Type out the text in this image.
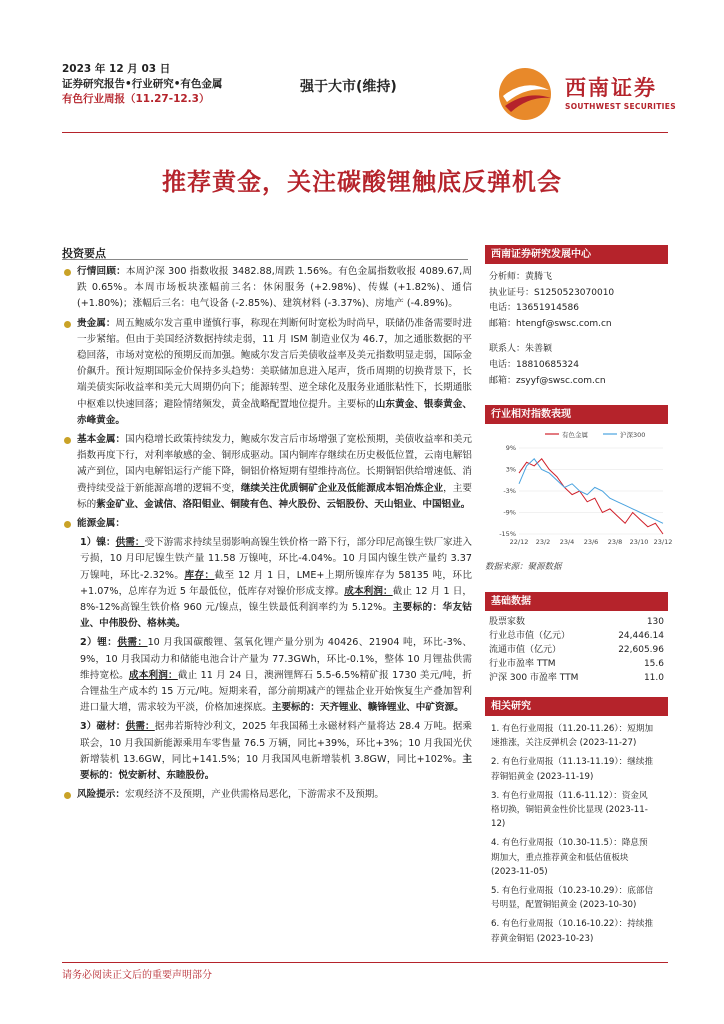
2023 年 12 月 03 日
证券研究报告•行业研究•有色金属
有色行业周报（11.27-12.3）
强于大市(维持)	西南证券
SOUTHWEST SECURITIES
推荐黄金，关注碳酸锂触底反弹机会
投资要点

行情回顾：本周沪深 300 指数收报 3482.88,周跌 1.56%。有色金属指数收报 4089.67,周跌 0.65%。本周市场板块涨幅前三名：休闲服务 (+2.98%)、传媒 (+1.82%)、通信 (+1.80%)；涨幅后三名：电气设备 (-2.85%)、建筑材料 (-3.37%)、房地产 (-4.89%)。

贵金属：周五鲍威尔发言重申谨慎行事，称现在判断何时宽松为时尚早，联储仍准备需要时进一步紧缩。但由于美国经济数据持续走弱，11 月 ISM 制造业仅为 46.7，加之通胀数据的平稳回落，市场对宽松的预期反而加强。鲍威尔发言后美债收益率及美元指数明显走弱，国际金价飙升。预计短期国际金价保持多头趋势：美联储加息进入尾声，货币周期的切换背景下，长端美债实际收益率和美元大周期仍向下；能源转型、逆全球化及服务业通胀粘性下，长期通胀中枢难以快速回落；避险情绪频发，黄金战略配置地位提升。主要标的山东黄金、银泰黄金、赤峰黄金。

基本金属：国内稳增长政策持续发力，鲍威尔发言后市场增强了宽松预期，美债收益率和美元指数再度下行，对利率敏感的金、铜形成驱动。国内铜库存继续在历史极低位置，云南电解铝减产到位，国内电解铝运行产能下降，铜铝价格短期有望维持高位。长期铜铝供给增速低、消费持续受益于新能源高增的逻辑不变，继续关注优质铜矿企业及低能源成本铝冶炼企业，主要标的紫金矿业、金诚信、洛阳钼业、铜陵有色、神火股份、云铝股份、天山铝业、中国铝业。

能源金属：

1）镍：供需：受下游需求持续呈弱影响高镍生铁价格一路下行，部分印尼高镍生铁厂家进入亏损，10 月印尼镍生铁产量 11.58 万镍吨，环比-4.04%。10 月国内镍生铁产量约 3.37 万镍吨，环比-2.32%。库存：截至 12 月 1 日，LME+上期所镍库存为 58135 吨，环比+1.07%，总库存为近 5 年最低位，低库存对镍价形成支撑。成本利润：截止 12 月 1 日，8%-12%高镍生铁价格 960 元/镍点，镍生铁最低利润率约为 5.12%。主要标的：华友钴业、中伟股份、格林美。

2）锂：供需：10 月我国碳酸锂、氢氧化锂产量分别为 40426、21904 吨，环比-3%、9%，10 月我国动力和储能电池合计产量为 77.3GWh，环比-0.1%，整体 10 月锂盐供需维持宽松。成本利润：截止 11 月 24 日，澳洲锂辉石 5.5-6.5%精矿报 1730 美元/吨，折合锂盐生产成本约 15 万元/吨。短期来看，部分前期减产的锂盐企业开始恢复生产叠加智利进口量大增，需求较为平淡，价格加速探底。主要标的：天齐锂业、赣锋锂业、中矿资源。

3）磁材：供需：据弗若斯特沙利文，2025 年我国稀土永磁材料产量将达 28.4 万吨。据乘联会，10 月我国新能源乘用车零售量 76.5 万辆，同比+39%，环比+3%；10 月我国光伏新增装机 13.6GW，同比+141.5%；10 月我国风电新增装机 3.8GW，同比+102%。主要标的：悦安新材、东睦股份。

风险提示：宏观经济不及预期，产业供需格局恶化，下游需求不及预期。

西南证券研究发展中心
分析师：黄腾飞
执业证号：S1250523070010
电话：13651914586
邮箱：htengf@swsc.com.cn
联系人：朱善颖
电话：18810685324
邮箱：zsyyf@swsc.com.cn
行业相对指数表现
有色金属	沪深300
9%
3%
-3%
-9%
-15%
22/12 23/2 23/4 23/6 23/8 23/10 23/12
数据来源：聚源数据
基础数据
股票家数	130
行业总市值（亿元）	24,446.14
流通市值（亿元）	22,605.96
行业市盈率 TTM	15.6
沪深 300 市盈率 TTM	11.0
相关研究
1. 有色行业周报（11.20-11.26）：短期加速推涨，关注反弹机会 (2023-11-27)
2. 有色行业周报（11.13-11.19）：继续推荐铜铝黄金 (2023-11-19)
3. 有色行业周报（11.6-11.12）：资金风格切换，铜铝黄金性价比显现 (2023-11-12)
4. 有色行业周报（10.30-11.5）：降息预期加大，重点推荐黄金和低估值板块 (2023-11-05)
5. 有色行业周报（10.23-10.29）：底部信号明显，配置铜铝黄金 (2023-10-30)
6. 有色行业周报（10.16-10.22）：持续推荐黄金铜铝 (2023-10-23)
请务必阅读正文后的重要声明部分
